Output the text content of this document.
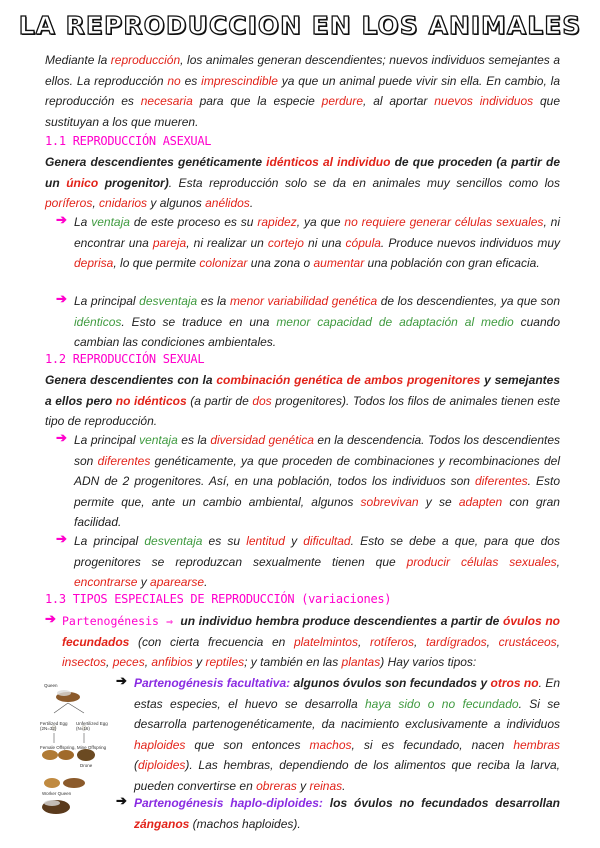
LA REPRODUCCION EN LOS ANIMALES
Mediante la reproducción, los animales generan descendientes; nuevos individuos semejantes a ellos. La reproducción no es imprescindible ya que un animal puede vivir sin ella. En cambio, la reproducción es necesaria para que la especie perdure, al aportar nuevos individuos que sustituyan a los que mueren.
1.1 REPRODUCCIÓN ASEXUAL
Genera descendientes genéticamente idénticos al individuo de que proceden (a partir de un único progenitor). Esta reproducción solo se da en animales muy sencillos como los poríferos, cnidarios y algunos anélidos.
➔ La ventaja de este proceso es su rapidez, ya que no requiere generar células sexuales, ni encontrar una pareja, ni realizar un cortejo ni una cópula. Produce nuevos individuos muy deprisa, lo que permite colonizar una zona o aumentar una población con gran eficacia.
➔ La principal desventaja es la menor variabilidad genética de los descendientes, ya que son idénticos. Esto se traduce en una menor capacidad de adaptación al medio cuando cambian las condiciones ambientales.
1.2 REPRODUCCIÓN SEXUAL
Genera descendientes con la combinación genética de ambos progenitores y semejantes a ellos pero no idénticos (a partir de dos progenitores). Todos los filos de animales tienen este tipo de reproducción.
➔ La principal ventaja es la diversidad genética en la descendencia. Todos los descendientes son diferentes genéticamente, ya que proceden de combinaciones y recombinaciones del ADN de 2 progenitores. Así, en una población, todos los individuos son diferentes. Esto permite que, ante un cambio ambiental, algunos sobrevivan y se adapten con gran facilidad.
➔ La principal desventaja es su lentitud y dificultad. Esto se debe a que, para que dos progenitores se reproduzcan sexualmente tienen que producir células sexuales, encontrarse y aparearse.
1.3 TIPOS ESPECIALES DE REPRODUCCIÓN (variaciones)
➔ Partenogénesis ⇒ un individuo hembra produce descendientes a partir de óvulos no fecundados (con cierta frecuencia en platelmintos, rotíferos, tardígrados, crustáceos, insectos, peces, anfibios y reptiles; y también en las plantas) Hay varios tipos:
Queen
Fertilized Egg (2N=32)
Unfertilized Egg (N=16)
Female Offspring, Mine Offspring
Drone
Worker Queen
➔ Partenogénesis facultativa: algunos óvulos son fecundados y otros no. En estas especies, el huevo se desarrolla haya sido o no fecundado. Si se desarrolla partenogenéticamente, da nacimiento exclusivamente a individuos haploides que son entonces machos, si es fecundado, nacen hembras (diploides). Las hembras, dependiendo de los alimentos que reciba la larva, pueden convertirse en obreras y reinas.
➔ Partenogénesis haplo-diploides: los óvulos no fecundados desarrollan zánganos (machos haploides).
